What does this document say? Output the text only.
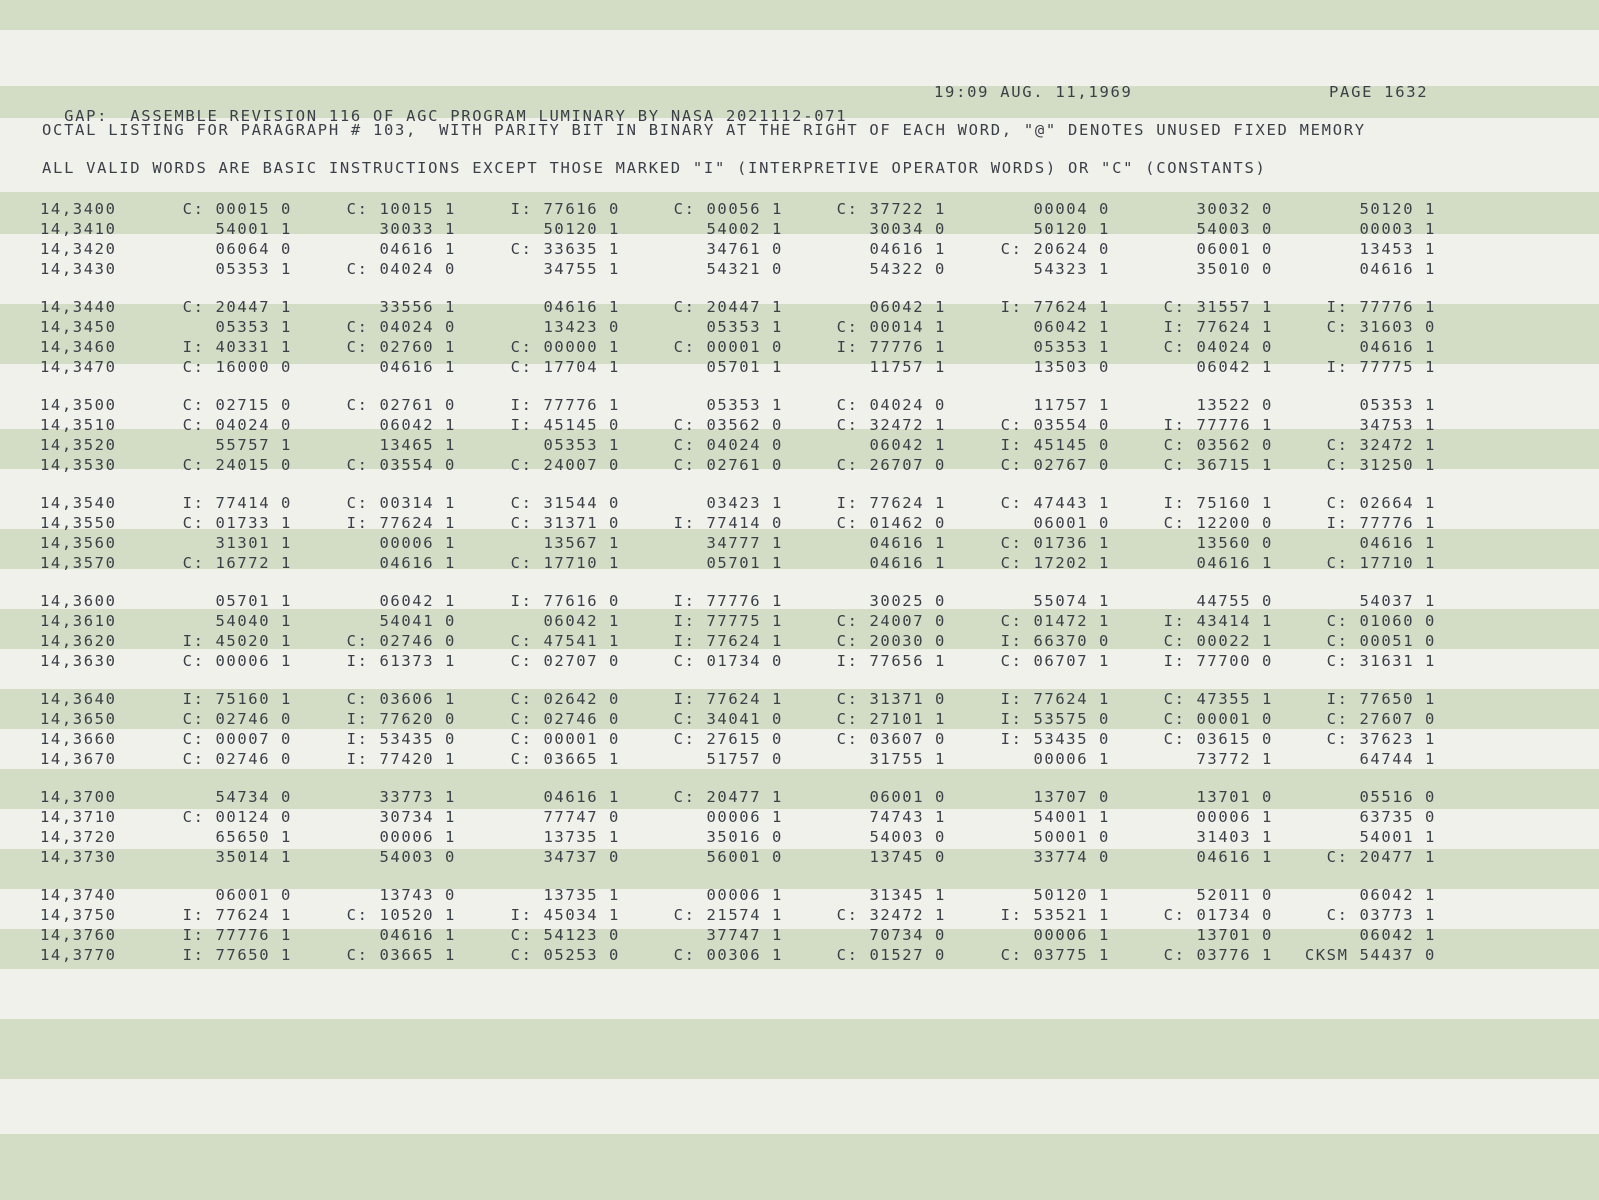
GAP:  ASSEMBLE REVISION 116 OF AGC PROGRAM LUMINARY BY NASA 2021112-071

19:09 AUG. 11,1969

	PAGE 1632

OCTAL LISTING FOR PARAGRAPH # 103,  WITH PARITY BIT IN BINARY AT THE RIGHT OF EACH WORD, "@" DENOTES UNUSED FIXED MEMORY
ALL VALID WORDS ARE BASIC INSTRUCTIONS EXCEPT THOSE MARKED "I" (INTERPRETIVE OPERATOR WORDS) OR "C" (CONSTANTS)
14,3400	C: 00015 0	C: 10015 1	I: 77616 0	C: 00056 1	C: 37722 1	00004 0	30032 0	50120 1
14,3410	54001 1	30033 1	50120 1	54002 1	30034 0	50120 1	54003 0	00003 1
14,3420	06064 0	04616 1	C: 33635 1	34761 0	04616 1	C: 20624 0	06001 0	13453 1
14,3430	05353 1	C: 04024 0	34755 1	54321 0	54322 0	54323 1	35010 0	04616 1
14,3440	C: 20447 1	33556 1	04616 1	C: 20447 1	06042 1	I: 77624 1	C: 31557 1	I: 77776 1
14,3450	05353 1	C: 04024 0	13423 0	05353 1	C: 00014 1	06042 1	I: 77624 1	C: 31603 0
14,3460	I: 40331 1	C: 02760 1	C: 00000 1	C: 00001 0	I: 77776 1	05353 1	C: 04024 0	04616 1
14,3470	C: 16000 0	04616 1	C: 17704 1	05701 1	11757 1	13503 0	06042 1	I: 77775 1
14,3500	C: 02715 0	C: 02761 0	I: 77776 1	05353 1	C: 04024 0	11757 1	13522 0	05353 1
14,3510	C: 04024 0	06042 1	I: 45145 0	C: 03562 0	C: 32472 1	C: 03554 0	I: 77776 1	34753 1
14,3520	55757 1	13465 1	05353 1	C: 04024 0	06042 1	I: 45145 0	C: 03562 0	C: 32472 1
14,3530	C: 24015 0	C: 03554 0	C: 24007 0	C: 02761 0	C: 26707 0	C: 02767 0	C: 36715 1	C: 31250 1
14,3540	I: 77414 0	C: 00314 1	C: 31544 0	03423 1	I: 77624 1	C: 47443 1	I: 75160 1	C: 02664 1
14,3550	C: 01733 1	I: 77624 1	C: 31371 0	I: 77414 0	C: 01462 0	06001 0	C: 12200 0	I: 77776 1
14,3560	31301 1	00006 1	13567 1	34777 1	04616 1	C: 01736 1	13560 0	04616 1
14,3570	C: 16772 1	04616 1	C: 17710 1	05701 1	04616 1	C: 17202 1	04616 1	C: 17710 1
14,3600	05701 1	06042 1	I: 77616 0	I: 77776 1	30025 0	55074 1	44755 0	54037 1
14,3610	54040 1	54041 0	06042 1	I: 77775 1	C: 24007 0	C: 01472 1	I: 43414 1	C: 01060 0
14,3620	I: 45020 1	C: 02746 0	C: 47541 1	I: 77624 1	C: 20030 0	I: 66370 0	C: 00022 1	C: 00051 0
14,3630	C: 00006 1	I: 61373 1	C: 02707 0	C: 01734 0	I: 77656 1	C: 06707 1	I: 77700 0	C: 31631 1
14,3640	I: 75160 1	C: 03606 1	C: 02642 0	I: 77624 1	C: 31371 0	I: 77624 1	C: 47355 1	I: 77650 1
14,3650	C: 02746 0	I: 77620 0	C: 02746 0	C: 34041 0	C: 27101 1	I: 53575 0	C: 00001 0	C: 27607 0
14,3660	C: 00007 0	I: 53435 0	C: 00001 0	C: 27615 0	C: 03607 0	I: 53435 0	C: 03615 0	C: 37623 1
14,3670	C: 02746 0	I: 77420 1	C: 03665 1	51757 0	31755 1	00006 1	73772 1	64744 1
14,3700	54734 0	33773 1	04616 1	C: 20477 1	06001 0	13707 0	13701 0	05516 0
14,3710	C: 00124 0	30734 1	77747 0	00006 1	74743 1	54001 1	00006 1	63735 0
14,3720	65650 1	00006 1	13735 1	35016 0	54003 0	50001 0	31403 1	54001 1
14,3730	35014 1	54003 0	34737 0	56001 0	13745 0	33774 0	04616 1	C: 20477 1
14,3740	06001 0	13743 0	13735 1	00006 1	31345 1	50120 1	52011 0	06042 1
14,3750	I: 77624 1	C: 10520 1	I: 45034 1	C: 21574 1	C: 32472 1	I: 53521 1	C: 01734 0	C: 03773 1
14,3760	I: 77776 1	04616 1	C: 54123 0	37747 1	70734 0	00006 1	13701 0	06042 1
14,3770	I: 77650 1	C: 03665 1	C: 05253 0	C: 00306 1	C: 01527 0	C: 03775 1	C: 03776 1 CKSM 54437 0
